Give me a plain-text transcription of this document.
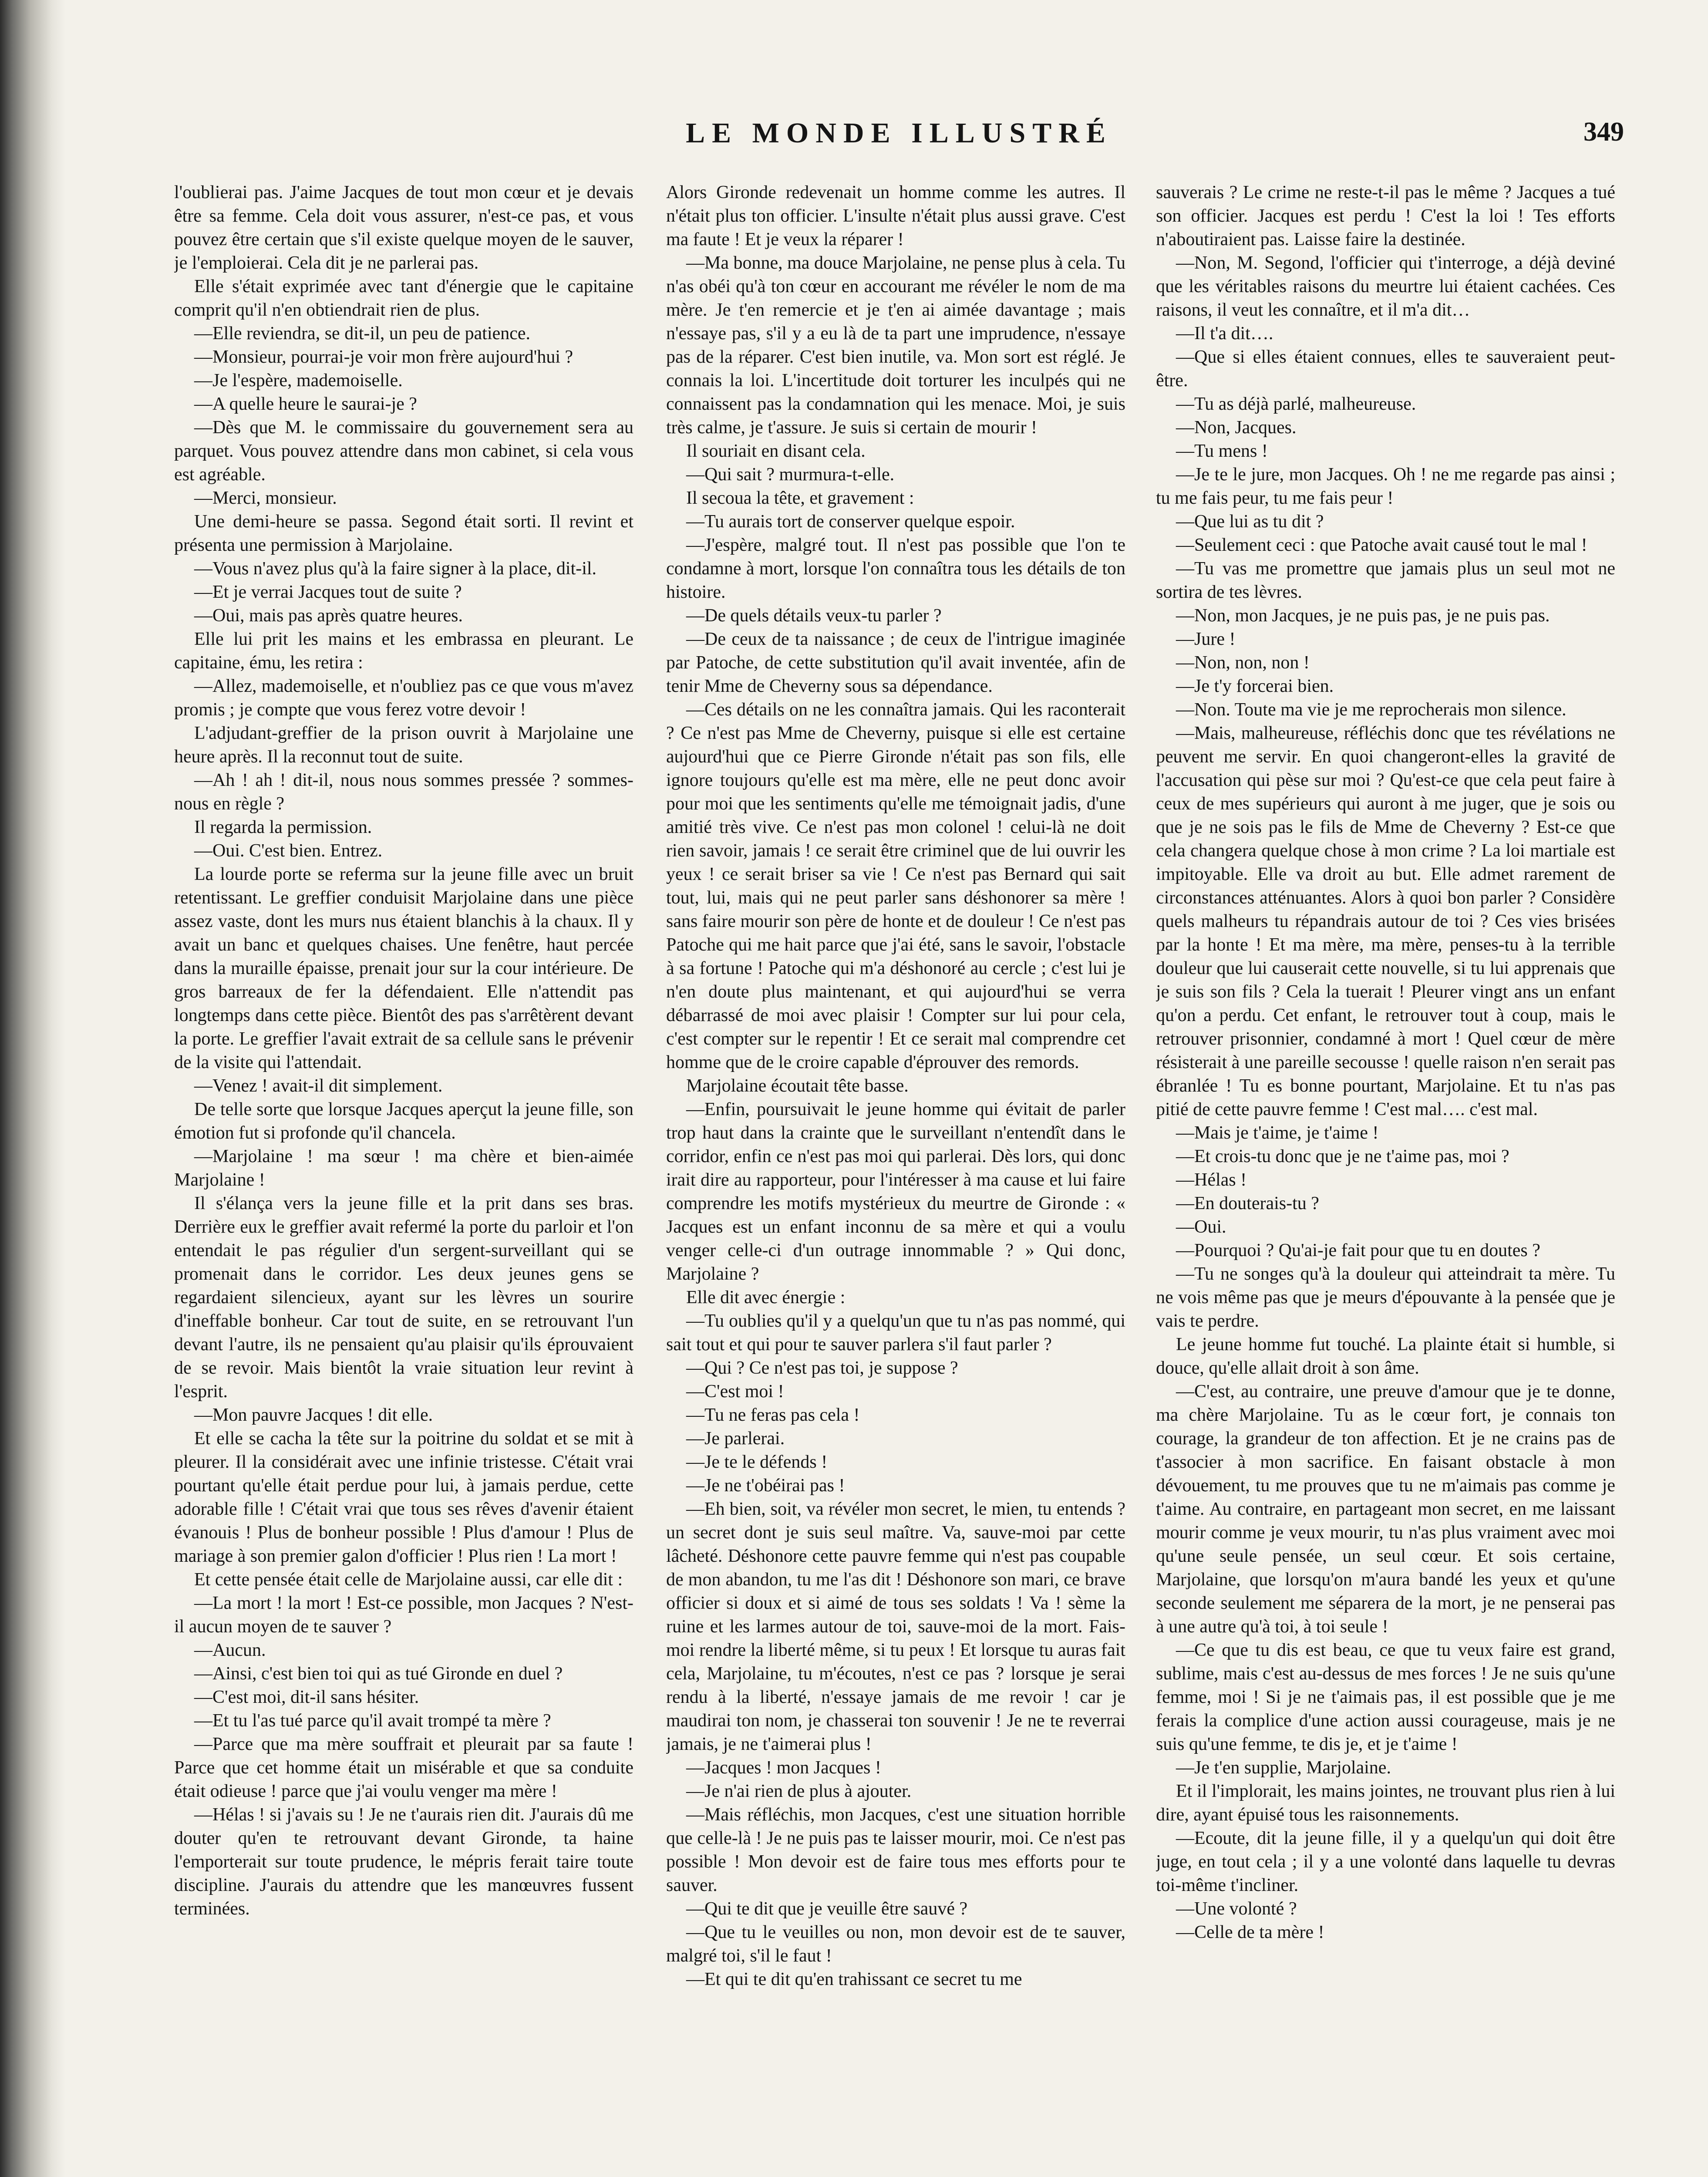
LE MONDE ILLUSTRÉ	349

l'oublierai pas. J'aime Jacques de tout mon cœur et je devais être sa femme. Cela doit vous assurer, n'est-ce pas, et vous pouvez être certain que s'il existe quelque moyen de le sauver, je l'emploierai. Cela dit je ne parlerai pas.

Elle s'était exprimée avec tant d'énergie que le capitaine comprit qu'il n'en obtiendrait rien de plus.

—Elle reviendra, se dit-il, un peu de patience.

—Monsieur, pourrai-je voir mon frère aujourd'hui ?

—Je l'espère, mademoiselle.

—A quelle heure le saurai-je ?

—Dès que M. le commissaire du gouvernement sera au parquet. Vous pouvez attendre dans mon cabinet, si cela vous est agréable.

—Merci, monsieur.

Une demi-heure se passa. Segond était sorti. Il revint et présenta une permission à Marjolaine.

—Vous n'avez plus qu'à la faire signer à la place, dit-il.

—Et je verrai Jacques tout de suite ?

—Oui, mais pas après quatre heures.

Elle lui prit les mains et les embrassa en pleurant. Le capitaine, ému, les retira :

—Allez, mademoiselle, et n'oubliez pas ce que vous m'avez promis ; je compte que vous ferez votre devoir !

L'adjudant-greffier de la prison ouvrit à Marjolaine une heure après. Il la reconnut tout de suite.

—Ah ! ah ! dit-il, nous nous sommes pressée ? sommes-nous en règle ?

Il regarda la permission.

—Oui. C'est bien. Entrez.

La lourde porte se referma sur la jeune fille avec un bruit retentissant. Le greffier conduisit Marjolaine dans une pièce assez vaste, dont les murs nus étaient blanchis à la chaux. Il y avait un banc et quelques chaises. Une fenêtre, haut percée dans la muraille épaisse, prenait jour sur la cour intérieure. De gros barreaux de fer la défendaient. Elle n'attendit pas longtemps dans cette pièce. Bientôt des pas s'arrêtèrent devant la porte. Le greffier l'avait extrait de sa cellule sans le prévenir de la visite qui l'attendait.

—Venez ! avait-il dit simplement.

De telle sorte que lorsque Jacques aperçut la jeune fille, son émotion fut si profonde qu'il chancela.

—Marjolaine ! ma sœur ! ma chère et bien-aimée Marjolaine !

Il s'élança vers la jeune fille et la prit dans ses bras. Derrière eux le greffier avait refermé la porte du parloir et l'on entendait le pas régulier d'un sergent-surveillant qui se promenait dans le corridor. Les deux jeunes gens se regardaient silencieux, ayant sur les lèvres un sourire d'ineffable bonheur. Car tout de suite, en se retrouvant l'un devant l'autre, ils ne pensaient qu'au plaisir qu'ils éprouvaient de se revoir. Mais bientôt la vraie situation leur revint à l'esprit.

—Mon pauvre Jacques ! dit elle.

Et elle se cacha la tête sur la poitrine du soldat et se mit à pleurer. Il la considérait avec une infinie tristesse. C'était vrai pourtant qu'elle était perdue pour lui, à jamais perdue, cette adorable fille ! C'était vrai que tous ses rêves d'avenir étaient évanouis ! Plus de bonheur possible ! Plus d'amour ! Plus de mariage à son premier galon d'officier ! Plus rien ! La mort !

Et cette pensée était celle de Marjolaine aussi, car elle dit :

—La mort ! la mort ! Est-ce possible, mon Jacques ? N'est-il aucun moyen de te sauver ?

—Aucun.

—Ainsi, c'est bien toi qui as tué Gironde en duel ?

—C'est moi, dit-il sans hésiter.

—Et tu l'as tué parce qu'il avait trompé ta mère ?

—Parce que ma mère souffrait et pleurait par sa faute ! Parce que cet homme était un misérable et que sa conduite était odieuse ! parce que j'ai voulu venger ma mère !

—Hélas ! si j'avais su ! Je ne t'aurais rien dit. J'aurais dû me douter qu'en te retrouvant devant Gironde, ta haine l'emporterait sur toute prudence, le mépris ferait taire toute discipline. J'aurais du attendre que les manœuvres fussent terminées.

Alors Gironde redevenait un homme comme les autres. Il n'était plus ton officier. L'insulte n'était plus aussi grave. C'est ma faute ! Et je veux la réparer !

—Ma bonne, ma douce Marjolaine, ne pense plus à cela. Tu n'as obéi qu'à ton cœur en accourant me révéler le nom de ma mère. Je t'en remercie et je t'en ai aimée davantage ; mais n'essaye pas, s'il y a eu là de ta part une imprudence, n'essaye pas de la réparer. C'est bien inutile, va. Mon sort est réglé. Je connais la loi. L'incertitude doit torturer les inculpés qui ne connaissent pas la condamnation qui les menace. Moi, je suis très calme, je t'assure. Je suis si certain de mourir !

Il souriait en disant cela.

—Qui sait ? murmura-t-elle.

Il secoua la tête, et gravement :

—Tu aurais tort de conserver quelque espoir.

—J'espère, malgré tout. Il n'est pas possible que l'on te condamne à mort, lorsque l'on connaîtra tous les détails de ton histoire.

—De quels détails veux-tu parler ?

—De ceux de ta naissance ; de ceux de l'intrigue imaginée par Patoche, de cette substitution qu'il avait inventée, afin de tenir Mme de Cheverny sous sa dépendance.

—Ces détails on ne les connaîtra jamais. Qui les raconterait ? Ce n'est pas Mme de Cheverny, puisque si elle est certaine aujourd'hui que ce Pierre Gironde n'était pas son fils, elle ignore toujours qu'elle est ma mère, elle ne peut donc avoir pour moi que les sentiments qu'elle me témoignait jadis, d'une amitié très vive. Ce n'est pas mon colonel ! celui-là ne doit rien savoir, jamais ! ce serait être criminel que de lui ouvrir les yeux ! ce serait briser sa vie ! Ce n'est pas Bernard qui sait tout, lui, mais qui ne peut parler sans déshonorer sa mère ! sans faire mourir son père de honte et de douleur ! Ce n'est pas Patoche qui me hait parce que j'ai été, sans le savoir, l'obstacle à sa fortune ! Patoche qui m'a déshonoré au cercle ; c'est lui je n'en doute plus maintenant, et qui aujourd'hui se verra débarrassé de moi avec plaisir ! Compter sur lui pour cela, c'est compter sur le repentir ! Et ce serait mal comprendre cet homme que de le croire capable d'éprouver des remords.

Marjolaine écoutait tête basse.

—Enfin, poursuivait le jeune homme qui évitait de parler trop haut dans la crainte que le surveillant n'entendît dans le corridor, enfin ce n'est pas moi qui parlerai. Dès lors, qui donc irait dire au rapporteur, pour l'intéresser à ma cause et lui faire comprendre les motifs mystérieux du meurtre de Gironde : « Jacques est un enfant inconnu de sa mère et qui a voulu venger celle-ci d'un outrage innommable ? » Qui donc, Marjolaine ?

Elle dit avec énergie :

—Tu oublies qu'il y a quelqu'un que tu n'as pas nommé, qui sait tout et qui pour te sauver parlera s'il faut parler ?

—Qui ? Ce n'est pas toi, je suppose ?

—C'est moi !

—Tu ne feras pas cela !

—Je parlerai.

—Je te le défends !

—Je ne t'obéirai pas !

—Eh bien, soit, va révéler mon secret, le mien, tu entends ? un secret dont je suis seul maître. Va, sauve-moi par cette lâcheté. Déshonore cette pauvre femme qui n'est pas coupable de mon abandon, tu me l'as dit ! Déshonore son mari, ce brave officier si doux et si aimé de tous ses soldats ! Va ! sème la ruine et les larmes autour de toi, sauve-moi de la mort. Fais-moi rendre la liberté même, si tu peux ! Et lorsque tu auras fait cela, Marjolaine, tu m'écoutes, n'est ce pas ? lorsque je serai rendu à la liberté, n'essaye jamais de me revoir ! car je maudirai ton nom, je chasserai ton souvenir ! Je ne te reverrai jamais, je ne t'aimerai plus !

—Jacques ! mon Jacques !

—Je n'ai rien de plus à ajouter.

—Mais réfléchis, mon Jacques, c'est une situation horrible que celle-là ! Je ne puis pas te laisser mourir, moi. Ce n'est pas possible ! Mon devoir est de faire tous mes efforts pour te sauver.

—Qui te dit que je veuille être sauvé ?

—Que tu le veuilles ou non, mon devoir est de te sauver, malgré toi, s'il le faut !

—Et qui te dit qu'en trahissant ce secret tu me

sauverais ? Le crime ne reste-t-il pas le même ? Jacques a tué son officier. Jacques est perdu ! C'est la loi ! Tes efforts n'aboutiraient pas. Laisse faire la destinée.

—Non, M. Segond, l'officier qui t'interroge, a déjà deviné que les véritables raisons du meurtre lui étaient cachées. Ces raisons, il veut les connaître, et il m'a dit…

—Il t'a dit….

—Que si elles étaient connues, elles te sauveraient peut-être.

—Tu as déjà parlé, malheureuse.

—Non, Jacques.

—Tu mens !

—Je te le jure, mon Jacques. Oh ! ne me regarde pas ainsi ; tu me fais peur, tu me fais peur !

—Que lui as tu dit ?

—Seulement ceci : que Patoche avait causé tout le mal !

—Tu vas me promettre que jamais plus un seul mot ne sortira de tes lèvres.

—Non, mon Jacques, je ne puis pas, je ne puis pas.

—Jure !

—Non, non, non !

—Je t'y forcerai bien.

—Non. Toute ma vie je me reprocherais mon silence.

—Mais, malheureuse, réfléchis donc que tes révélations ne peuvent me servir. En quoi changeront-elles la gravité de l'accusation qui pèse sur moi ? Qu'est-ce que cela peut faire à ceux de mes supérieurs qui auront à me juger, que je sois ou que je ne sois pas le fils de Mme de Cheverny ? Est-ce que cela changera quelque chose à mon crime ? La loi martiale est impitoyable. Elle va droit au but. Elle admet rarement de circonstances atténuantes. Alors à quoi bon parler ? Considère quels malheurs tu répandrais autour de toi ? Ces vies brisées par la honte ! Et ma mère, ma mère, penses-tu à la terrible douleur que lui causerait cette nouvelle, si tu lui apprenais que je suis son fils ? Cela la tuerait ! Pleurer vingt ans un enfant qu'on a perdu. Cet enfant, le retrouver tout à coup, mais le retrouver prisonnier, condamné à mort ! Quel cœur de mère résisterait à une pareille secousse ! quelle raison n'en serait pas ébranlée ! Tu es bonne pourtant, Marjolaine. Et tu n'as pas pitié de cette pauvre femme ! C'est mal…. c'est mal.

—Mais je t'aime, je t'aime !

—Et crois-tu donc que je ne t'aime pas, moi ?

—Hélas !

—En douterais-tu ?

—Oui.

—Pourquoi ? Qu'ai-je fait pour que tu en doutes ?

—Tu ne songes qu'à la douleur qui atteindrait ta mère. Tu ne vois même pas que je meurs d'épouvante à la pensée que je vais te perdre.

Le jeune homme fut touché. La plainte était si humble, si douce, qu'elle allait droit à son âme.

—C'est, au contraire, une preuve d'amour que je te donne, ma chère Marjolaine. Tu as le cœur fort, je connais ton courage, la grandeur de ton affection. Et je ne crains pas de t'associer à mon sacrifice. En faisant obstacle à mon dévouement, tu me prouves que tu ne m'aimais pas comme je t'aime. Au contraire, en partageant mon secret, en me laissant mourir comme je veux mourir, tu n'as plus vraiment avec moi qu'une seule pensée, un seul cœur. Et sois certaine, Marjolaine, que lorsqu'on m'aura bandé les yeux et qu'une seconde seulement me séparera de la mort, je ne penserai pas à une autre qu'à toi, à toi seule !

—Ce que tu dis est beau, ce que tu veux faire est grand, sublime, mais c'est au-dessus de mes forces ! Je ne suis qu'une femme, moi ! Si je ne t'aimais pas, il est possible que je me ferais la complice d'une action aussi courageuse, mais je ne suis qu'une femme, te dis je, et je t'aime !

—Je t'en supplie, Marjolaine.

Et il l'implorait, les mains jointes, ne trouvant plus rien à lui dire, ayant épuisé tous les raisonnements.

—Ecoute, dit la jeune fille, il y a quelqu'un qui doit être juge, en tout cela ; il y a une volonté dans laquelle tu devras toi-même t'incliner.

—Une volonté ?

—Celle de ta mère !
